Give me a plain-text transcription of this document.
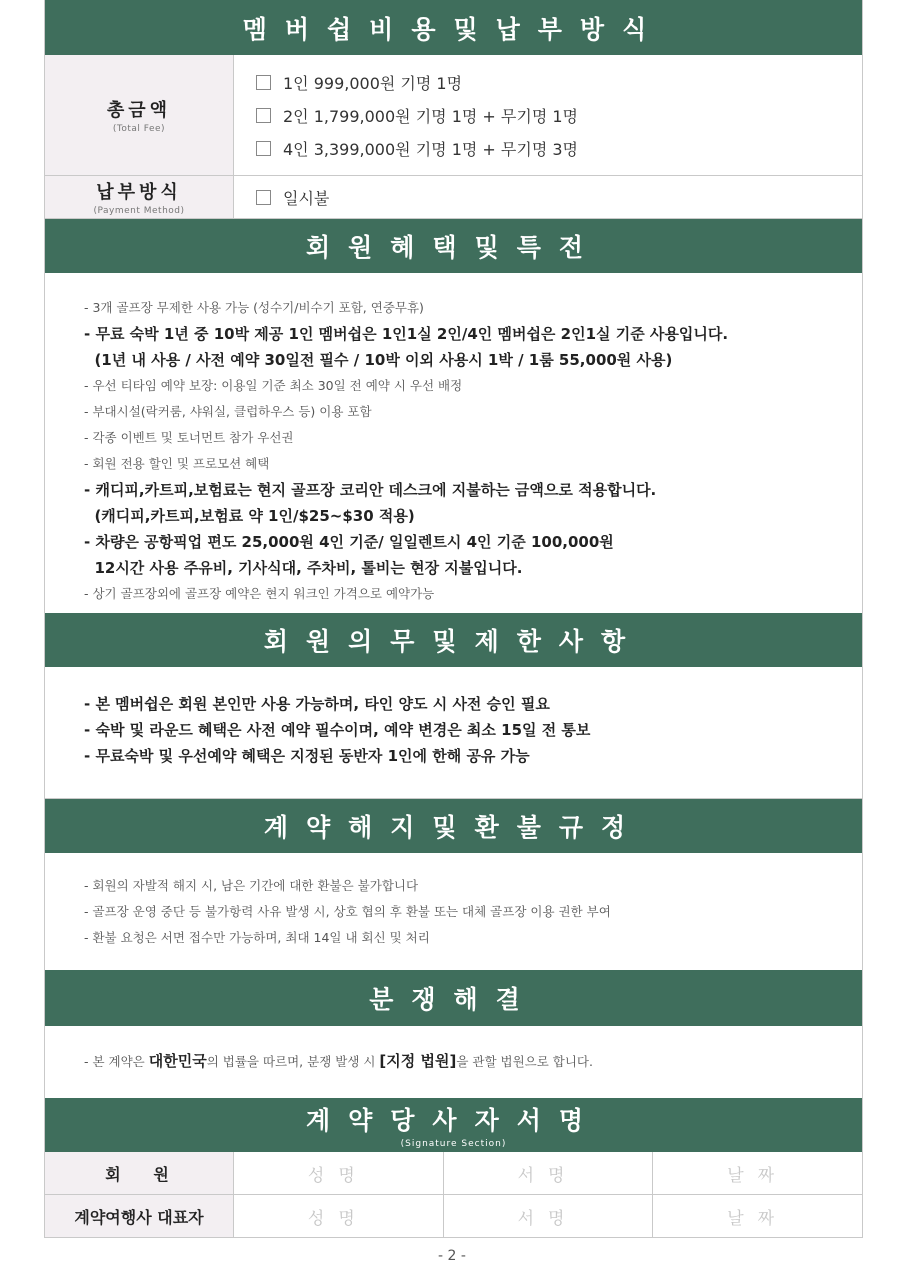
멤버쉽비용및납부방식
총금액
(Total Fee)
1인 999,000원 기명 1명
2인 1,799,000원 기명 1명 + 무기명 1명
4인 3,399,000원 기명 1명 + 무기명 3명
납부방식
(Payment Method)
일시불
회원혜택및특전
- 3개 골프장 무제한 사용 가능 (성수기/비수기 포함, 연중무휴)
- 무료 숙박 1년 중 10박 제공 1인 멤버쉽은 1인1실 2인/4인 멤버쉽은 2인1실 기준 사용입니다.
(1년 내 사용 / 사전 예약 30일전 필수 / 10박 이외 사용시 1박 / 1룸 55,000원 사용)
- 우선 티타임 예약 보장: 이용일 기준 최소 30일 전 예약 시 우선 배정
- 부대시설(락커룸, 샤워실, 클럽하우스 등) 이용 포함
- 각종 이벤트 및 토너먼트 참가 우선권
- 회원 전용 할인 및 프로모션 혜택
- 캐디피,카트피,보험료는 현지 골프장 코리안 데스크에 지불하는 금액으로 적용합니다.
(캐디피,카트피,보험료 약 1인/$25~$30 적용)
- 차량은 공항픽업 편도 25,000원 4인 기준/ 일일렌트시 4인 기준 100,000원
12시간 사용 주유비, 기사식대, 주차비, 톨비는 현장 지불입니다.
- 상기 골프장외에 골프장 예약은 현지 워크인 가격으로 예약가능
회원의무및제한사항
- 본 멤버쉽은 회원 본인만 사용 가능하며, 타인 양도 시 사전 승인 필요
- 숙박 및 라운드 혜택은 사전 예약 필수이며, 예약 변경은 최소 15일 전 통보
- 무료숙박 및 우선예약 혜택은 지정된 동반자 1인에 한해 공유 가능
계약해지및환불규정
- 회원의 자발적 해지 시, 남은 기간에 대한 환불은 불가합니다
- 골프장 운영 중단 등 불가항력 사유 발생 시, 상호 협의 후 환불 또는 대체 골프장 이용 권한 부여
- 환불 요청은 서면 접수만 가능하며, 최대 14일 내 회신 및 처리
분쟁해결
- 본 계약은 대한민국의 법률을 따르며, 분쟁 발생 시 [지정 법원]을 관할 법원으로 합니다.
계약당사자서명
(Signature Section)
회   원	성명	서명	날짜
계약여행사 대표자	성명	서명	날짜
- 2 -
